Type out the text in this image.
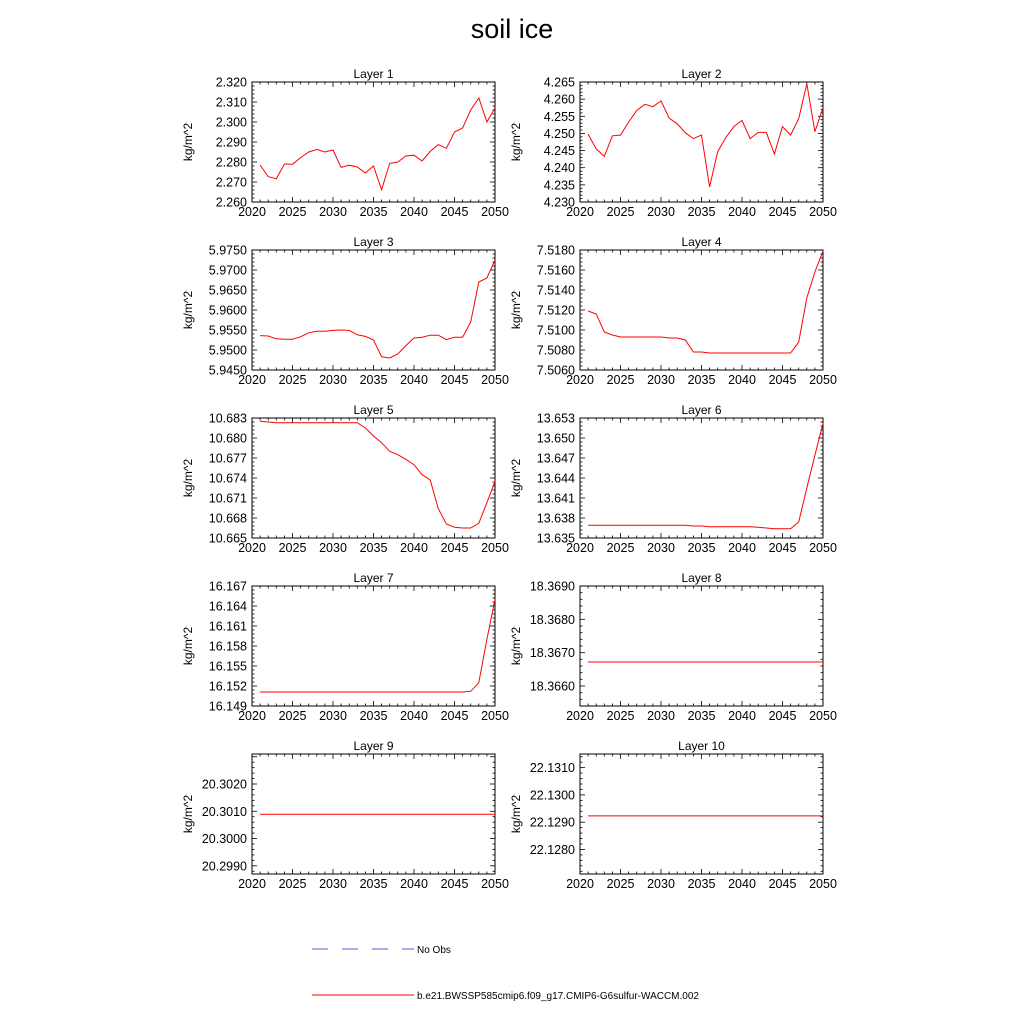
soil ice
Layer 1
kg/m^2
2020 2025 2030 2035 2040 2045 2050
2.260
2.270
2.280
2.290
2.300
2.310
2.320
Layer 2
kg/m^2
2020 2025 2030 2035 2040 2045 2050
4.230
4.235
4.240
4.245
4.250
4.255
4.260
4.265
Layer 3
kg/m^2
2020 2025 2030 2035 2040 2045 2050
5.9450
5.9500
5.9550
5.9600
5.9650
5.9700
5.9750
Layer 4
kg/m^2
2020 2025 2030 2035 2040 2045 2050
7.5060
7.5080
7.5100
7.5120
7.5140
7.5160
7.5180
Layer 5
kg/m^2
2020 2025 2030 2035 2040 2045 2050
10.665
10.668
10.671
10.674
10.677
10.680
10.683
Layer 6
kg/m^2
2020 2025 2030 2035 2040 2045 2050
13.635
13.638
13.641
13.644
13.647
13.650
13.653
Layer 7
kg/m^2
2020 2025 2030 2035 2040 2045 2050
16.149
16.152
16.155
16.158
16.161
16.164
16.167
Layer 8
kg/m^2
2020 2025 2030 2035 2040 2045 2050
18.3660
18.3670
18.3680
18.3690
Layer 9
kg/m^2
2020 2025 2030 2035 2040 2045 2050
20.2990
20.3000
20.3010
20.3020
Layer 10
kg/m^2
2020 2025 2030 2035 2040 2045 2050
22.1280
22.1290
22.1300
22.1310
No Obs
b.e21.BWSSP585cmip6.f09_g17.CMIP6-G6sulfur-WACCM.002
